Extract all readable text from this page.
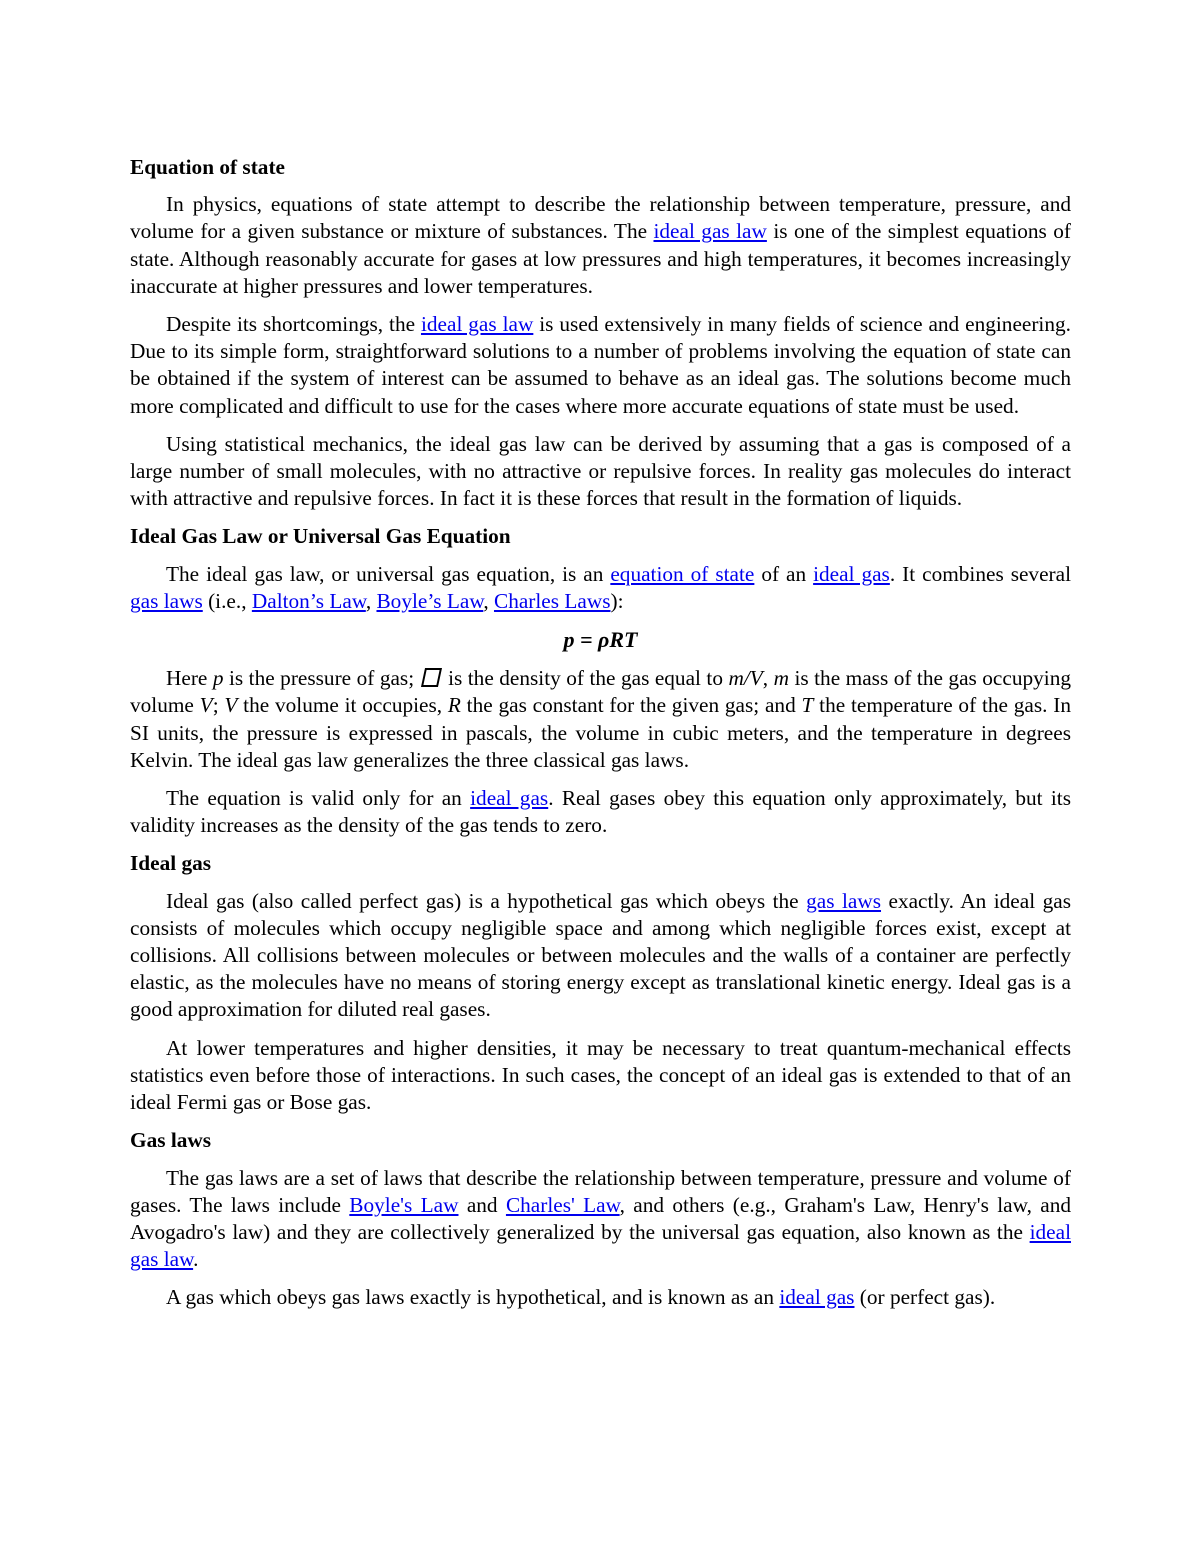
Equation of state

In physics, equations of state attempt to describe the relationship between temperature, pressure, and volume for a given substance or mixture of substances. The ideal gas law is one of the simplest equations of state. Although reasonably accurate for gases at low pressures and high temperatures, it becomes increasingly inaccurate at higher pressures and lower temperatures.

Despite its shortcomings, the ideal gas law is used extensively in many fields of science and engineering. Due to its simple form, straightforward solutions to a number of problems involving the equation of state can be obtained if the system of interest can be assumed to behave as an ideal gas. The solutions become much more complicated and difficult to use for the cases where more accurate equations of state must be used.

Using statistical mechanics, the ideal gas law can be derived by assuming that a gas is composed of a large number of small molecules, with no attractive or repulsive forces. In reality gas molecules do interact with attractive and repulsive forces. In fact it is these forces that result in the formation of liquids.

Ideal Gas Law or Universal Gas Equation

The ideal gas law, or universal gas equation, is an equation of state of an ideal gas. It combines several gas laws (i.e., Dalton’s Law, Boyle’s Law, Charles Laws):

p = ρRT

Here p is the pressure of gas;  is the density of the gas equal to m/V, m is the mass of the gas occupying volume V; V the volume it occupies, R the gas constant for the given gas; and T the temperature of the gas. In SI units, the pressure is expressed in pascals, the volume in cubic meters, and the temperature in degrees Kelvin. The ideal gas law generalizes the three classical gas laws.

The equation is valid only for an ideal gas. Real gases obey this equation only approximately, but its validity increases as the density of the gas tends to zero.

Ideal gas

Ideal gas (also called perfect gas) is a hypothetical gas which obeys the gas laws exactly. An ideal gas consists of molecules which occupy negligible space and among which negligible forces exist, except at collisions. All collisions between molecules or between molecules and the walls of a container are perfectly elastic, as the molecules have no means of storing energy except as translational kinetic energy. Ideal gas is a good approximation for diluted real gases.

At lower temperatures and higher densities, it may be necessary to treat quantum-mechanical effects statistics even before those of interactions. In such cases, the concept of an ideal gas is extended to that of an ideal Fermi gas or Bose gas.

Gas laws

The gas laws are a set of laws that describe the relationship between temperature, pressure and volume of gases. The laws include Boyle's Law and Charles' Law, and others (e.g., Graham's Law, Henry's law, and Avogadro's law) and they are collectively generalized by the universal gas equation, also known as the ideal gas law.

A gas which obeys gas laws exactly is hypothetical, and is known as an ideal gas (or perfect gas).
